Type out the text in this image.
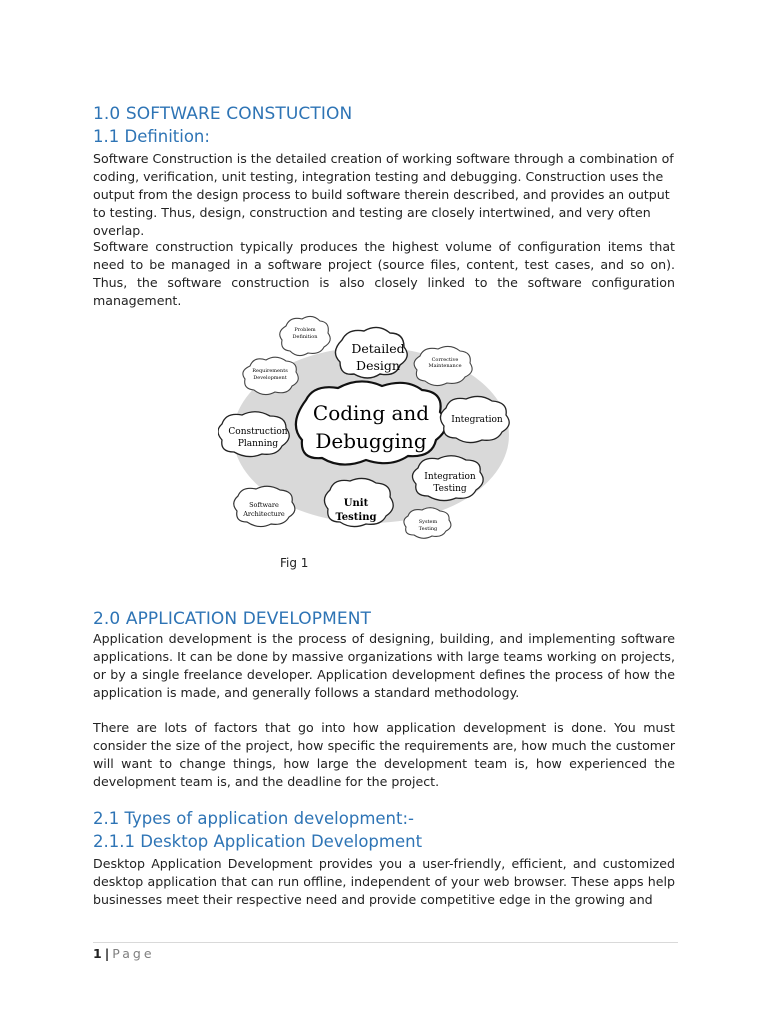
1.0 SOFTWARE CONSTUCTION
1.1 Definition:

Software Construction is the detailed creation of working software through a combination of coding, verification, unit testing, integration testing and debugging. Construction uses the output from the design process to build software therein described, and provides an output to testing. Thus, design, construction and testing are closely intertwined, and very often overlap.

Software construction typically produces the highest volume of configuration items that need to be managed in a software project (source files, content, test cases, and so on). Thus, the software construction is also closely linked to the software configuration management.

Problem
Definition
Detailed
Design	Corrective
Maintenance
Requirements
Development
Coding and
Debugging
Construction
Planning
Integration
Integration
Testing
Software
Architecture
Unit
Testing	System
Testing
Fig 1
2.0 APPLICATION DEVELOPMENT

Application development is the process of designing, building, and implementing software applications. It can be done by massive organizations with large teams working on projects, or by a single freelance developer. Application development defines the process of how the application is made, and generally follows a standard methodology.

There are lots of factors that go into how application development is done. You must consider the size of the project, how specific the requirements are, how much the customer will want to change things, how large the development team is, how experienced the development team is, and the deadline for the project.

2.1 Types of application development:-
2.1.1 Desktop Application Development

Desktop Application Development provides you a user-friendly, efficient, and customized desktop application that can run offline, independent of your web browser. These apps help businesses meet their respective need and provide competitive edge in the growing and

1 | Page
